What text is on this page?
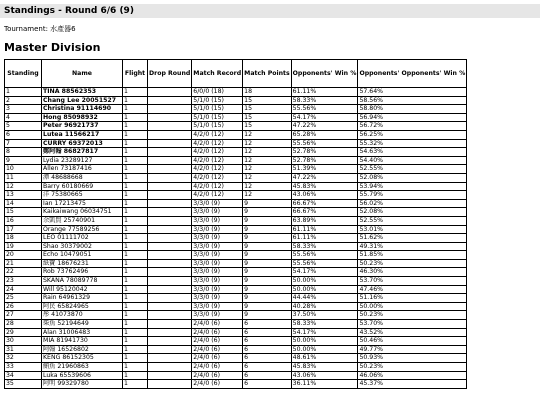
Standings - Round 6/6 (9)

Tournament: 水產器6

Master Division
Standing	Name	Flight	Drop Round	Match Record	Match Points	Opponents' Win %	Opponents' Opponents' Win %
1	TINA 88562353	1		6/0/0 (18)	18	61.11%	57.64%
2	Chang Lee 20051527	1		5/1/0 (15)	15	58.33%	58.56%
3	Christina 91114690	1		5/1/0 (15)	15	55.56%	58.80%
4	Hong 85098932	1		5/1/0 (15)	15	54.17%	56.94%
5	Peter 96921737	1		5/1/0 (15)	15	47.22%	56.72%
6	Lutea 11566217	1		4/2/0 (12)	12	65.28%	56.25%
7	CURRY 69372013	1		4/2/0 (12)	12	55.56%	55.32%
8	鄭阿翰 86827817	1		4/2/0 (12)	12	52.78%	54.63%
9	Lydia 23289127	1		4/2/0 (12)	12	52.78%	54.40%
10	Allen 73187416	1		4/2/0 (12)	12	51.39%	52.55%
11	潭 48688668	1		4/2/0 (12)	12	47.22%	52.08%
12	Barry 60180669	1		4/2/0 (12)	12	45.83%	53.94%
13	洋 75380665	1		4/2/0 (12)	12	43.06%	55.79%
14	Ian 17213475	1		3/3/0 (9)	9	66.67%	56.02%
15	Kaikaiwang 06034751	1		3/3/0 (9)	9	66.67%	52.08%
16	余凱賢 25740901	1		3/3/0 (9)	9	63.89%	52.55%
17	Orange 77589256	1		3/3/0 (9)	9	61.11%	53.01%
18	LEO 01111702	1		3/3/0 (9)	9	61.11%	51.62%
19	Shao 30379002	1		3/3/0 (9)	9	58.33%	49.31%
20	Echo 10479051	1		3/3/0 (9)	9	55.56%	51.85%
21	紙寶 18676231	1		3/3/0 (9)	9	55.56%	50.23%
22	Rob 73762496	1		3/3/0 (9)	9	54.17%	46.30%
23	SKANA 78089778	1		3/3/0 (9)	9	50.00%	53.70%
24	Will 95120042	1		3/3/0 (9)	9	50.00%	47.46%
25	Rain 64961329	1		3/3/0 (9)	9	44.44%	51.16%
26	阿民 65824965	1		3/3/0 (9)	9	40.28%	50.00%
27	彤 41073870	1		3/3/0 (9)	9	37.50%	50.23%
28	柴魚 52194649	1		2/4/0 (6)	6	58.33%	53.70%
29	Alan 31006483	1		2/4/0 (6)	6	54.17%	43.52%
30	MIA 81941730	1		2/4/0 (6)	6	50.00%	50.46%
31	阿翰 16526802	1		2/4/0 (6)	6	50.00%	49.77%
32	KENG 86152305	1		2/4/0 (6)	6	48.61%	50.93%
33	鮪魚 21960863	1		2/4/0 (6)	6	45.83%	50.23%
34	Luka 65539606	1		2/4/0 (6)	6	43.06%	46.06%
35	阿明 99329780	1		2/4/0 (6)	6	36.11%	45.37%
